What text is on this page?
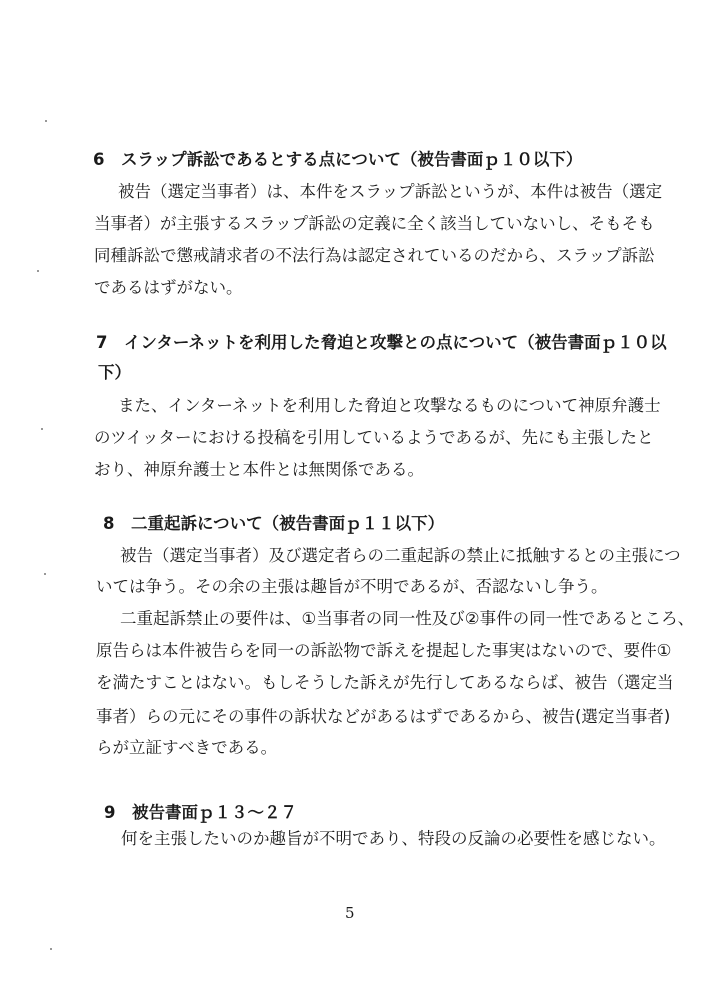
6　スラップ訴訟であるとする点について（被告書面ｐ１０以下）
被告（選定当事者）は、本件をスラップ訴訟というが、本件は被告（選定
当事者）が主張するスラップ訴訟の定義に全く該当していないし、そもそも
同種訴訟で懲戒請求者の不法行為は認定されているのだから、スラップ訴訟
であるはずがない。
7　インターネットを利用した脅迫と攻撃との点について（被告書面ｐ１０以
下）
また、インターネットを利用した脅迫と攻撃なるものについて神原弁護士
のツイッターにおける投稿を引用しているようであるが、先にも主張したと
おり、神原弁護士と本件とは無関係である。
8　二重起訴について（被告書面ｐ１１以下）
被告（選定当事者）及び選定者らの二重起訴の禁止に抵触するとの主張につ
いては争う。その余の主張は趣旨が不明であるが、否認ないし争う。
二重起訴禁止の要件は、①当事者の同一性及び②事件の同一性であるところ、
原告らは本件被告らを同一の訴訟物で訴えを提起した事実はないので、要件①
を満たすことはない。もしそうした訴えが先行してあるならば、被告（選定当
事者）らの元にその事件の訴状などがあるはずであるから、被告(選定当事者)
らが立証すべきである。
9　被告書面ｐ１３～２７
何を主張したいのか趣旨が不明であり、特段の反論の必要性を感じない。
5
